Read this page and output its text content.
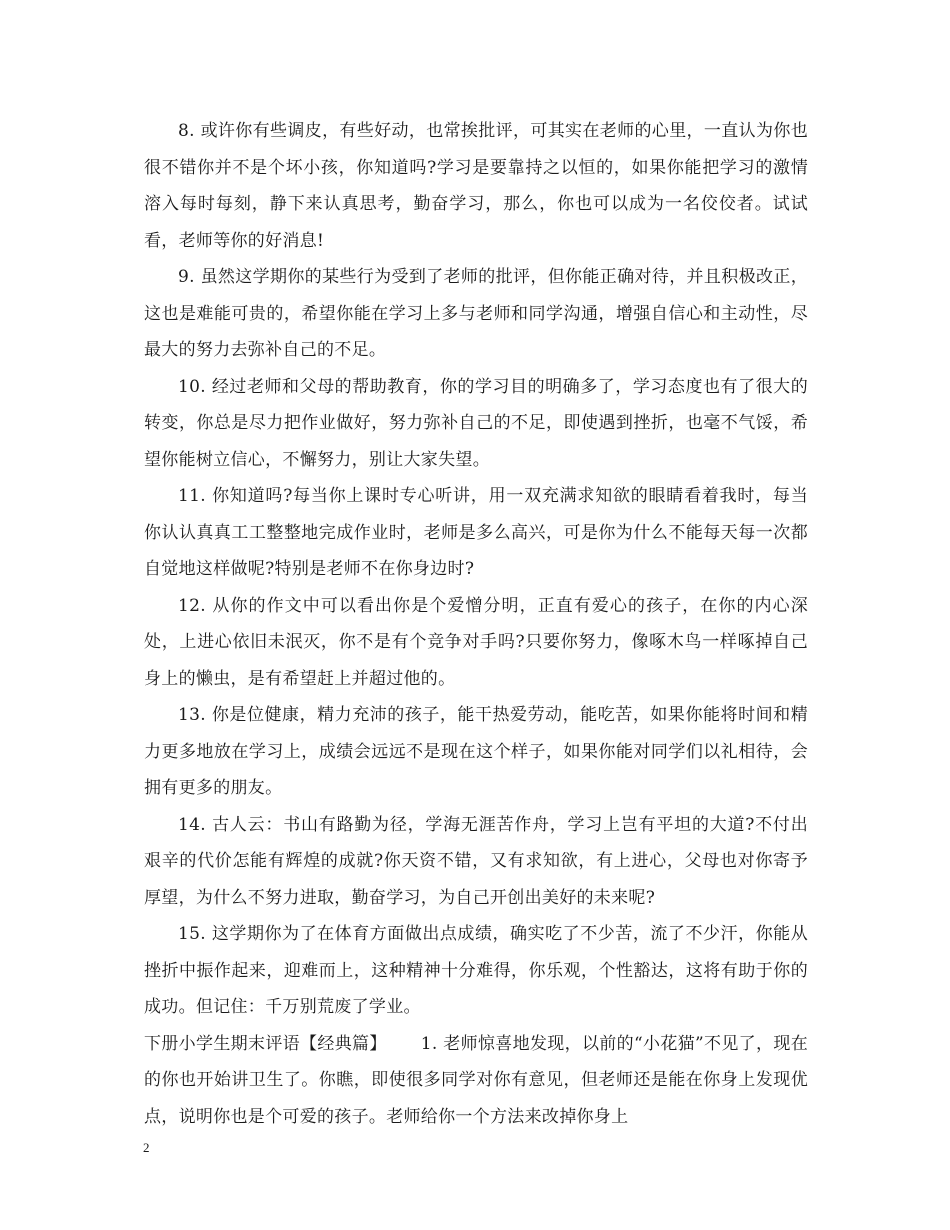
8. 或许你有些调皮，有些好动，也常挨批评，可其实在老师的心里，一直认为你也很不错你并不是个坏小孩，你知道吗?学习是要靠持之以恒的，如果你能把学习的激情溶入每时每刻，静下来认真思考，勤奋学习，那么，你也可以成为一名佼佼者。试试看，老师等你的好消息!

9. 虽然这学期你的某些行为受到了老师的批评，但你能正确对待，并且积极改正，这也是难能可贵的，希望你能在学习上多与老师和同学沟通，增强自信心和主动性，尽最大的努力去弥补自己的不足。

10. 经过老师和父母的帮助教育，你的学习目的明确多了，学习态度也有了很大的转变，你总是尽力把作业做好，努力弥补自己的不足，即使遇到挫折，也毫不气馁，希望你能树立信心，不懈努力，别让大家失望。

11. 你知道吗?每当你上课时专心听讲，用一双充满求知欲的眼睛看着我时，每当你认认真真工工整整地完成作业时，老师是多么高兴，可是你为什么不能每天每一次都自觉地这样做呢?特别是老师不在你身边时?

12. 从你的作文中可以看出你是个爱憎分明，正直有爱心的孩子，在你的内心深处，上进心依旧未泯灭，你不是有个竞争对手吗?只要你努力，像啄木鸟一样啄掉自己身上的懒虫，是有希望赶上并超过他的。

13. 你是位健康，精力充沛的孩子，能干热爱劳动，能吃苦，如果你能将时间和精力更多地放在学习上，成绩会远远不是现在这个样子，如果你能对同学们以礼相待，会拥有更多的朋友。

14. 古人云：书山有路勤为径，学海无涯苦作舟，学习上岂有平坦的大道?不付出艰辛的代价怎能有辉煌的成就?你天资不错，又有求知欲，有上进心，父母也对你寄予厚望，为什么不努力进取，勤奋学习，为自己开创出美好的未来呢?

15. 这学期你为了在体育方面做出点成绩，确实吃了不少苦，流了不少汗，你能从挫折中振作起来，迎难而上，这种精神十分难得，你乐观，个性豁达，这将有助于你的成功。但记住：千万别荒废了学业。

下册小学生期末评语【经典篇】 1. 老师惊喜地发现，以前的“小花猫”不见了，现在的你也开始讲卫生了。你瞧，即使很多同学对你有意见，但老师还是能在你身上发现优点，说明你也是个可爱的孩子。老师给你一个方法来改掉你身上

2
